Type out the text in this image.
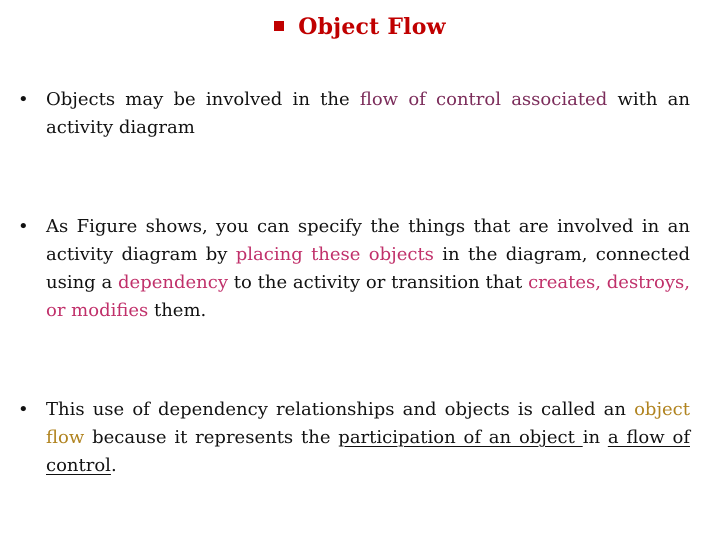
Object Flow
• Objects may be involved in the flow of control associated with an activity diagram
• As Figure shows, you can specify the things that are involved in an activity diagram by placing these objects in the diagram, connected using a dependency to the activity or transition that creates, destroys, or modifies them.
• This use of dependency relationships and objects is called an object flow because it represents the participation of an object in a flow of control.
